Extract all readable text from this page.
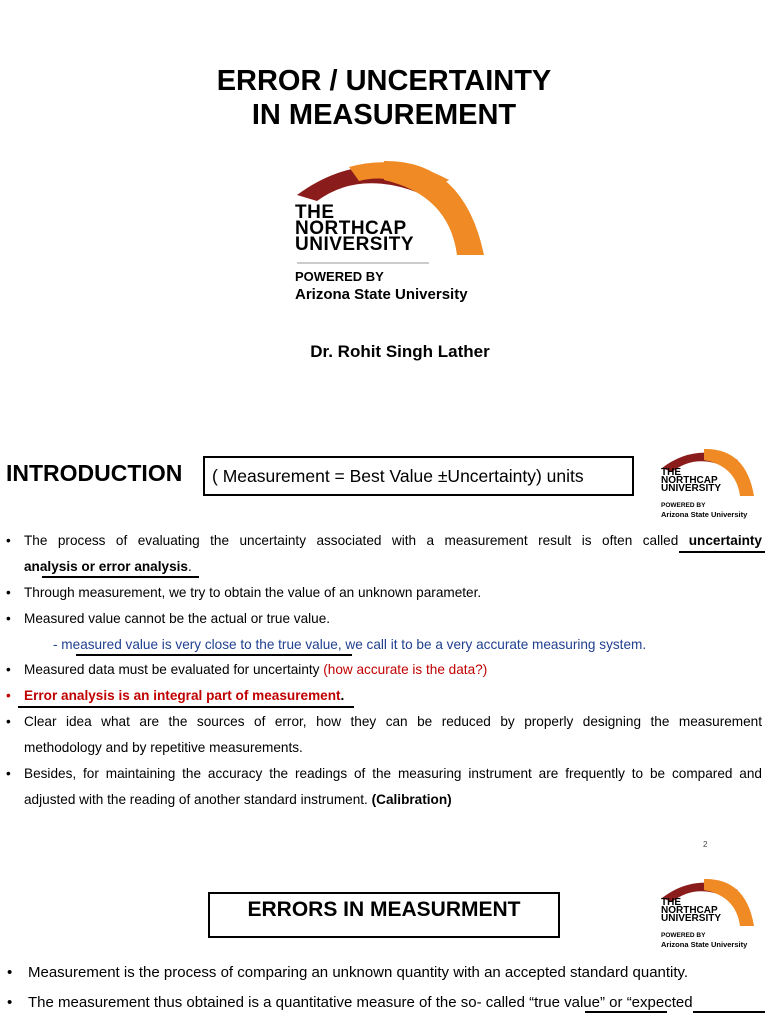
ERROR / UNCERTAINTY
IN MEASUREMENT
THE
NORTHCAP
UNIVERSITY
POWERED BY
Arizona State University
Dr. Rohit Singh Lather
INTRODUCTION	( Measurement = Best Value ±Uncertainty) units	THE
NORTHCAP
UNIVERSITY
POWERED BY
Arizona State University
• The process of evaluating the uncertainty associated with a measurement result is often called uncertainty
analysis or error analysis.
• Through measurement, we try to obtain the value of an unknown parameter.
• Measured value cannot be the actual or true value.
- measured value is very close to the true value, we call it to be a very accurate measuring system.
• Measured data must be evaluated for uncertainty (how accurate is the data?)
• Error analysis is an integral part of measurement.
• Clear idea what are the sources of error, how they can be reduced by properly designing the measurement
methodology and by repetitive measurements.
• Besides, for maintaining the accuracy the readings of the measuring instrument are frequently to be compared and
adjusted with the reading of another standard instrument. (Calibration)
2
ERRORS IN MEASURMENT	THE
NORTHCAP
UNIVERSITY
POWERED BY
Arizona State University
• Measurement is the process of comparing an unknown quantity with an accepted standard quantity.
• The measurement thus obtained is a quantitative measure of the so- called “true value” or “expected
